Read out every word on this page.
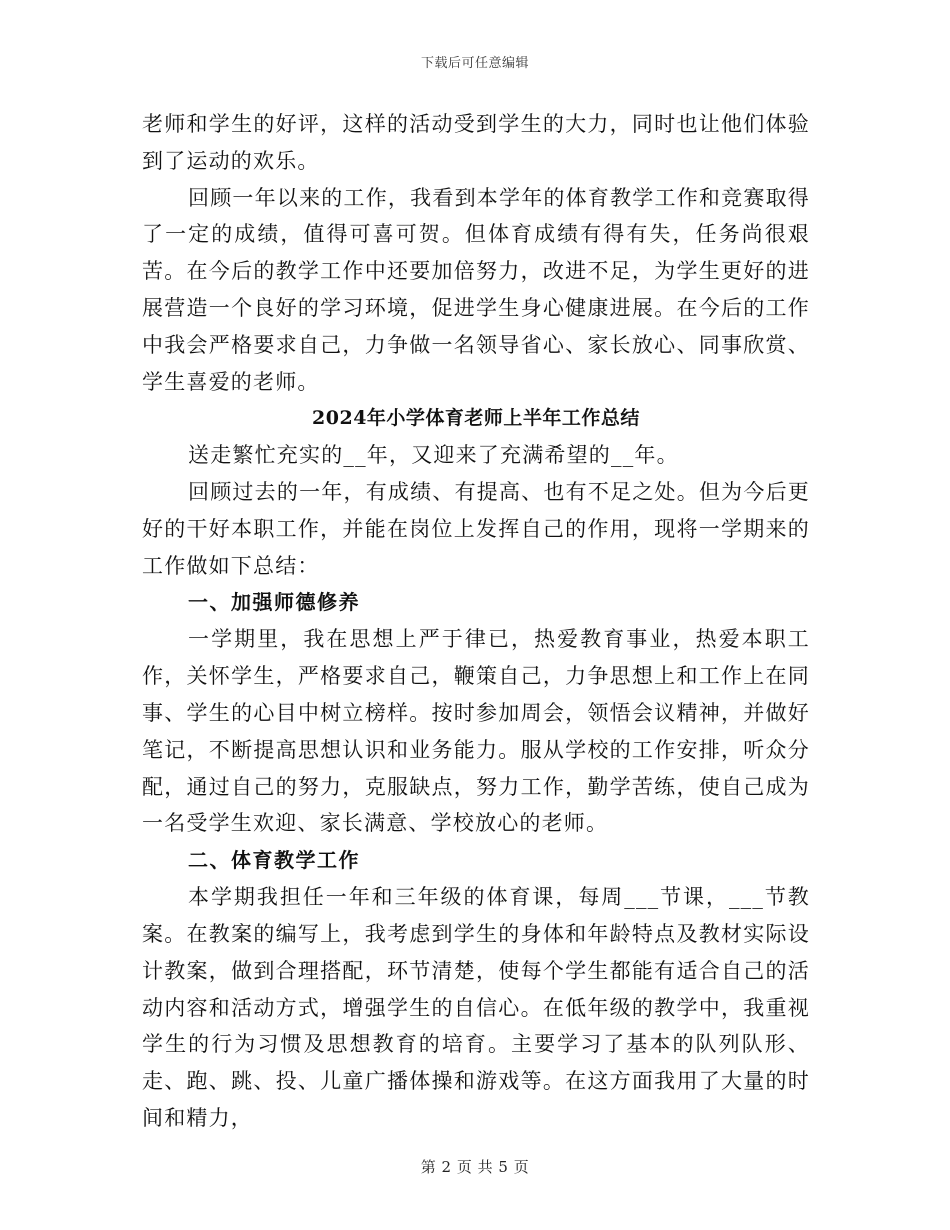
下载后可任意编辑

老师和学生的好评，这样的活动受到学生的大力，同时也让他们体验到了运动的欢乐。

回顾一年以来的工作，我看到本学年的体育教学工作和竞赛取得了一定的成绩，值得可喜可贺。但体育成绩有得有失，任务尚很艰苦。在今后的教学工作中还要加倍努力，改进不足，为学生更好的进展营造一个良好的学习环境，促进学生身心健康进展。在今后的工作中我会严格要求自己，力争做一名领导省心、家长放心、同事欣赏、学生喜爱的老师。

2024年小学体育老师上半年工作总结

送走繁忙充实的__年，又迎来了充满希望的__年。

回顾过去的一年，有成绩、有提高、也有不足之处。但为今后更好的干好本职工作，并能在岗位上发挥自己的作用，现将一学期来的工作做如下总结：

一、加强师德修养

一学期里，我在思想上严于律已，热爱教育事业，热爱本职工作，关怀学生，严格要求自己，鞭策自己，力争思想上和工作上在同事、学生的心目中树立榜样。按时参加周会，领悟会议精神，并做好笔记，不断提高思想认识和业务能力。服从学校的工作安排，听众分配，通过自己的努力，克服缺点，努力工作，勤学苦练，使自己成为一名受学生欢迎、家长满意、学校放心的老师。

二、体育教学工作

本学期我担任一年和三年级的体育课，每周___节课，___节教案。在教案的编写上，我考虑到学生的身体和年龄特点及教材实际设计教案，做到合理搭配，环节清楚，使每个学生都能有适合自己的活动内容和活动方式，增强学生的自信心。在低年级的教学中，我重视学生的行为习惯及思想教育的培育。主要学习了基本的队列队形、走、跑、跳、投、儿童广播体操和游戏等。在这方面我用了大量的时间和精力，

第 2 页 共 5 页
